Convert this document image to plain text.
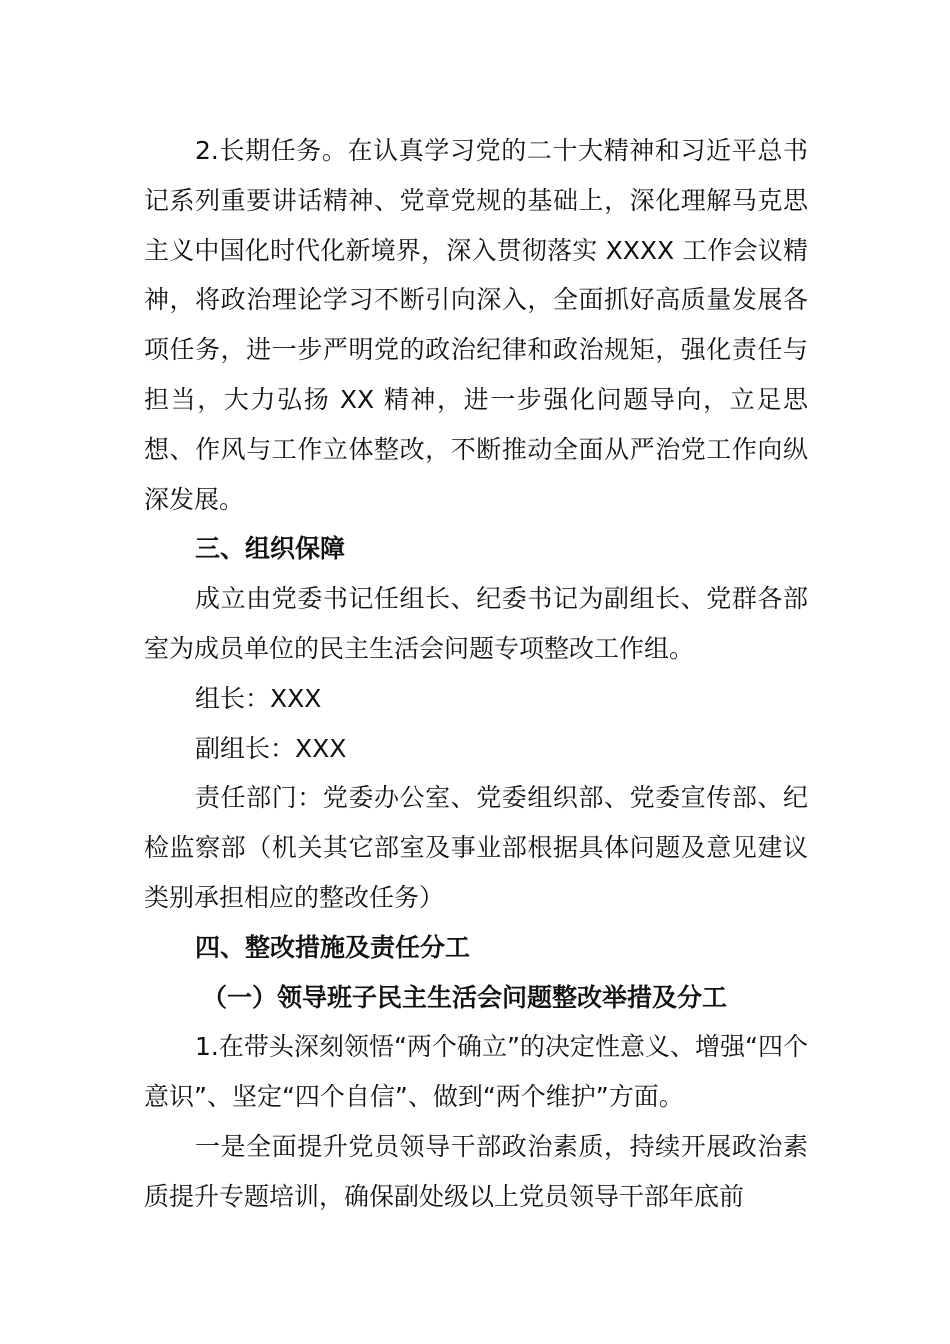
2.长期任务。在认真学习党的二十大精神和习近平总书记系列重要讲话精神、党章党规的基础上，深化理解马克思主义中国化时代化新境界，深入贯彻落实 XXXX 工作会议精神，将政治理论学习不断引向深入，全面抓好高质量发展各项任务，进一步严明党的政治纪律和政治规矩，强化责任与担当，大力弘扬 XX 精神，进一步强化问题导向，立足思想、作风与工作立体整改，不断推动全面从严治党工作向纵深发展。

三、组织保障

成立由党委书记任组长、纪委书记为副组长、党群各部室为成员单位的民主生活会问题专项整改工作组。

组长：XXX

副组长：XXX

责任部门：党委办公室、党委组织部、党委宣传部、纪检监察部（机关其它部室及事业部根据具体问题及意见建议类别承担相应的整改任务）

四、整改措施及责任分工

（一）领导班子民主生活会问题整改举措及分工

1.在带头深刻领悟“两个确立”的决定性意义、增强“四个意识”、坚定“四个自信”、做到“两个维护”方面。

一是全面提升党员领导干部政治素质，持续开展政治素质提升专题培训，确保副处级以上党员领导干部年底前
